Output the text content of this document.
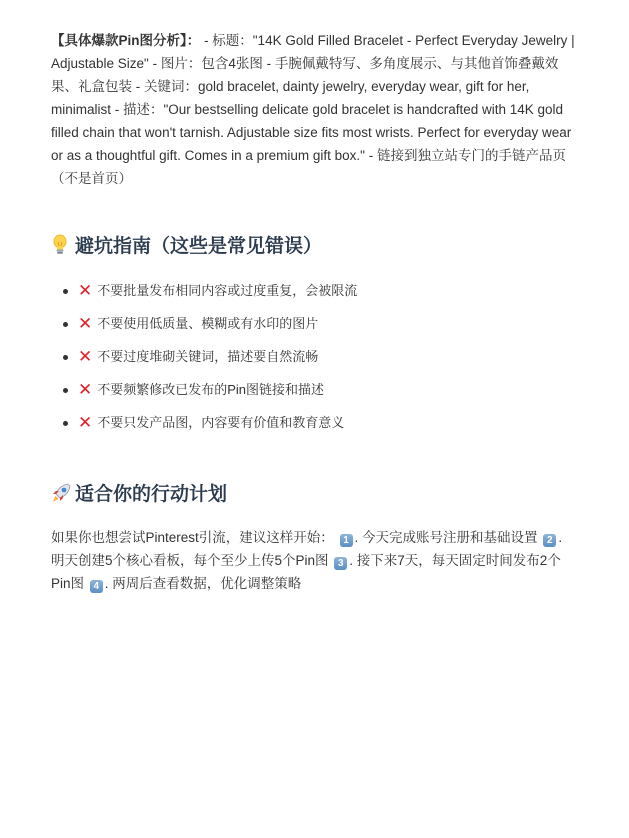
【具体爆款Pin图分析】： - 标题："14K Gold Filled Bracelet - Perfect Everyday Jewelry | Adjustable Size" - 图片：包含4张图 - 手腕佩戴特写、多角度展示、与其他首饰叠戴效果、礼盒包装 - 关键词：gold bracelet, dainty jewelry, everyday wear, gift for her, minimalist - 描述："Our bestselling delicate gold bracelet is handcrafted with 14K gold filled chain that won't tarnish. Adjustable size fits most wrists. Perfect for everyday wear or as a thoughtful gift. Comes in a premium gift box." - 链接到独立站专门的手链产品页（不是首页）

避坑指南（这些是常见错误）
✕ 不要批量发布相同内容或过度重复，会被限流
✕ 不要使用低质量、模糊或有水印的图片
✕ 不要过度堆砌关键词，描述要自然流畅
✕ 不要频繁修改已发布的Pin图链接和描述
✕ 不要只发产品图，内容要有价值和教育意义
适合你的行动计划

如果你也想尝试Pinterest引流，建议这样开始： 1 . 今天完成账号注册和基础设置 2 . 明天创建5个核心看板，每个至少上传5个Pin图 3 . 接下来7天，每天固定时间发布2个Pin图 4 . 两周后查看数据，优化调整策略
